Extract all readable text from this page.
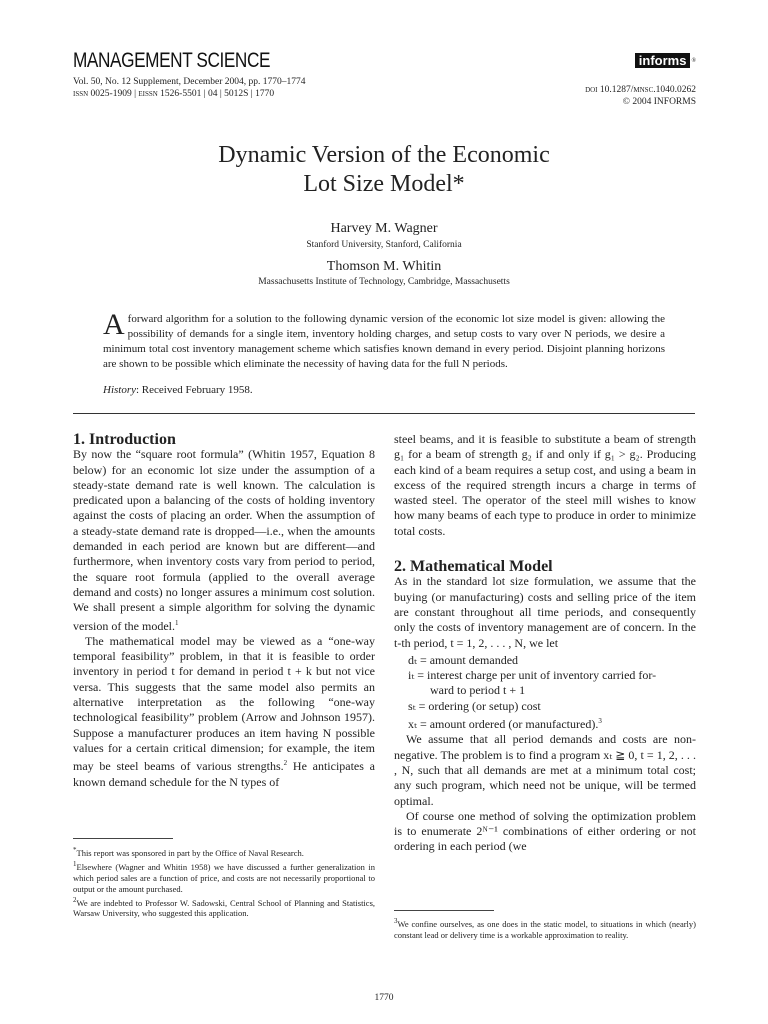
MANAGEMENT SCIENCE
Vol. 50, No. 12 Supplement, December 2004, pp. 1770–1774
issn 0025-1909 | eissn 1526-5501 | 04 | 5012S | 1770
informs ®
doi 10.1287/mnsc.1040.0262
© 2004 INFORMS
Dynamic Version of the Economic
Lot Size Model*
Harvey M. Wagner
Stanford University, Stanford, California
Thomson M. Whitin
Massachusetts Institute of Technology, Cambridge, Massachusetts
A forward algorithm for a solution to the following dynamic version of the economic lot size model is given: allowing the possibility of demands for a single item, inventory holding charges, and setup costs to vary over N periods, we desire a minimum total cost inventory management scheme which satisfies known demand in every period. Disjoint planning horizons are shown to be possible which eliminate the necessity of having data for the full N periods.
History: Received February 1958.
1. Introduction

By now the “square root formula” (Whitin 1957, Equation 8 below) for an economic lot size under the assumption of a steady-state demand rate is well known. The calculation is predicated upon a balancing of the costs of holding inventory against the costs of placing an order. When the assumption of a steady-state demand rate is dropped—i.e., when the amounts demanded in each period are known but are different—and furthermore, when inventory costs vary from period to period, the square root formula (applied to the overall average demand and costs) no longer assures a minimum cost solution. We shall present a simple algorithm for solving the dynamic version of the model.$^1$

The mathematical model may be viewed as a “one-way temporal feasibility” problem, in that it is feasible to order inventory in period t for demand in period t + k but not vice versa. This suggests that the same model also permits an alternative interpretation as the following “one-way technological feasibility” problem (Arrow and Johnson 1957). Suppose a manufacturer produces an item having N possible values for a certain critical dimension; for example, the item may be steel beams of various strengths.$^2$ He anticipates a known demand schedule for the N types of

*This report was sponsored in part by the Office of Naval Research.
$^1$Elsewhere (Wagner and Whitin 1958) we have discussed a further generalization in which period sales are a function of price, and costs are not necessarily proportional to output or the amount purchased.
$^2$We are indebted to Professor W. Sadowski, Central School of Planning and Statistics, Warsaw University, who suggested this application.

steel beams, and it is feasible to substitute a beam of strength g₁ for a beam of strength g₂ if and only if g₁ > g₂. Producing each kind of a beam requires a setup cost, and using a beam in excess of the required strength incurs a charge in terms of wasted steel. The operator of the steel mill wishes to know how many beams of each type to produce in order to minimize total costs.

2. Mathematical Model

As in the standard lot size formulation, we assume that the buying (or manufacturing) costs and selling price of the item are constant throughout all time periods, and consequently only the costs of inventory management are of concern. In the t-th period, t = 1, 2, . . . , N, we let

dₜ = amount demanded
iₜ = interest charge per unit of inventory carried for-
ward to period t + 1
sₜ = ordering (or setup) cost
xₜ = amount ordered (or manufactured).$^3$

We assume that all period demands and costs are non-negative. The problem is to find a program xₜ ≧ 0, t = 1, 2, . . . , N, such that all demands are met at a minimum total cost; any such program, which need not be unique, will be termed optimal.

Of course one method of solving the optimization problem is to enumerate 2ᴺ⁻¹ combinations of either ordering or not ordering in each period (we

$^3$We confine ourselves, as one does in the static model, to situations in which (nearly) constant lead or delivery time is a workable approximation to reality.
1770
